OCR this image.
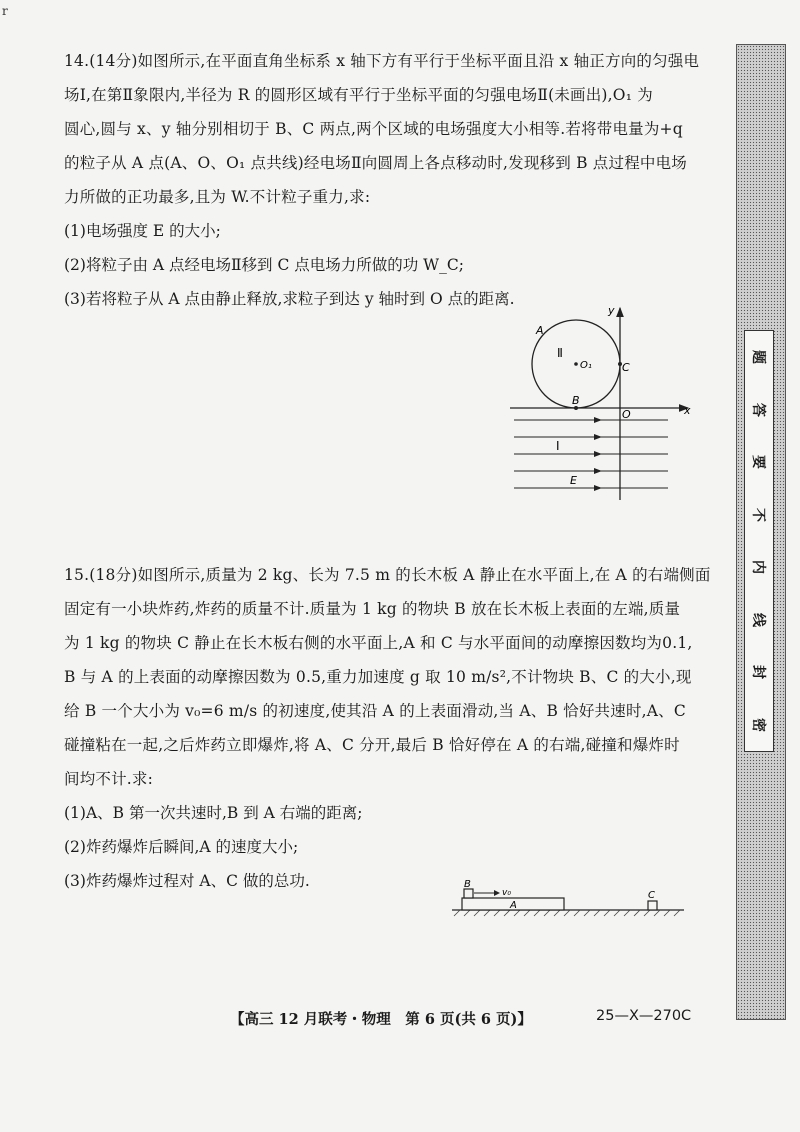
r
14.(14分)如图所示,在平面直角坐标系 x 轴下方有平行于坐标平面且沿 x 轴正方向的匀强电
场Ⅰ,在第Ⅱ象限内,半径为 R 的圆形区域有平行于坐标平面的匀强电场Ⅱ(未画出),O₁ 为
圆心,圆与 x、y 轴分别相切于 B、C 两点,两个区域的电场强度大小相等.若将带电量为+q
的粒子从 A 点(A、O、O₁ 点共线)经电场Ⅱ向圆周上各点移动时,发现移到 B 点过程中电场
力所做的正功最多,且为 W.不计粒子重力,求:
(1)电场强度 E 的大小;
(2)将粒子由 A 点经电场Ⅱ移到 C 点电场力所做的功 W_C;
(3)若将粒子从 A 点由静止释放,求粒子到达 y 轴时到 O 点的距离.
y
x
A
Ⅱ
O₁	C
B
O
Ⅰ
E
15.(18分)如图所示,质量为 2 kg、长为 7.5 m 的长木板 A 静止在水平面上,在 A 的右端侧面
固定有一小块炸药,炸药的质量不计.质量为 1 kg 的物块 B 放在长木板上表面的左端,质量
为 1 kg 的物块 C 静止在长木板右侧的水平面上,A 和 C 与水平面间的动摩擦因数均为0.1,
B 与 A 的上表面的动摩擦因数为 0.5,重力加速度 g 取 10 m/s²,不计物块 B、C 的大小,现
给 B 一个大小为 v₀=6 m/s 的初速度,使其沿 A 的上表面滑动,当 A、B 恰好共速时,A、C
碰撞粘在一起,之后炸药立即爆炸,将 A、C 分开,最后 B 恰好停在 A 的右端,碰撞和爆炸时
间均不计.求:
(1)A、B 第一次共速时,B 到 A 右端的距离;
(2)炸药爆炸后瞬间,A 的速度大小;
(3)炸药爆炸过程对 A、C 做的总功.	B
v₀
A
C
【高三 12 月联考・物理　第 6 页(共 6 页)】	25—X—270C
题
答
要
不
内
线
封
密
